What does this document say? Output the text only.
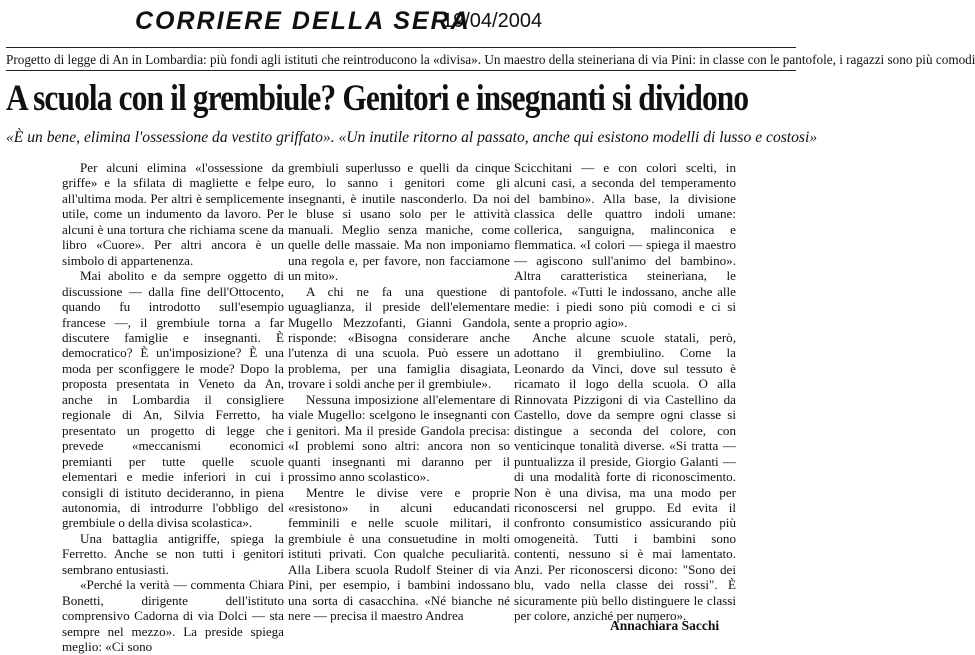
CORRIERE DELLA SERA
19/04/2004
Progetto di legge di An in Lombardia: più fondi agli istituti che reintroducono la «divisa». Un maestro della steineriana di via Pini: in classe con le pantofole, i ragazzi sono più comodi
A scuola con il grembiule? Genitori e insegnanti si dividono
«È un bene, elimina l'ossessione da vestito griffato». «Un inutile ritorno al passato, anche qui esistono modelli di lusso e costosi»

Per alcuni elimina «l'ossessione da griffe» e la sfilata di magliette e felpe all'ultima moda. Per altri è semplicemente utile, come un indumento da lavoro. Per alcuni è una tortura che richiama scene da libro «Cuore». Per altri ancora è un simbolo di appartenenza.

Mai abolito e da sempre oggetto di discussione — dalla fine dell'Ottocento, quando fu introdotto sull'esempio francese —, il grembiule torna a far discutere famiglie e insegnanti. È democratico? È un'imposizione? È una moda per sconfiggere le mode? Dopo la proposta presentata in Veneto da An, anche in Lombardia il consigliere regionale di An, Silvia Ferretto, ha presentato un progetto di legge che prevede «meccanismi economici premianti per tutte quelle scuole elementari e medie inferiori in cui i consigli di istituto decideranno, in piena autonomia, di introdurre l'obbligo del grembiule o della divisa scolastica».

Una battaglia antigriffe, spiega la Ferretto. Anche se non tutti i genitori sembrano entusiasti.

«Perché la verità — commenta Chiara Bonetti, dirigente dell'istituto comprensivo Cadorna di via Dolci — sta sempre nel mezzo». La preside spiega meglio: «Ci sono

grembiuli superlusso e quelli da cinque euro, lo sanno i genitori come gli insegnanti, è inutile nasconderlo. Da noi le bluse si usano solo per le attività manuali. Meglio senza maniche, come quelle delle massaie. Ma non imponiamo una regola e, per favore, non facciamone un mito».

A chi ne fa una questione di uguaglianza, il preside dell'elementare Mugello Mezzofanti, Gianni Gandola, risponde: «Bisogna considerare anche l'utenza di una scuola. Può essere un problema, per una famiglia disagiata, trovare i soldi anche per il grembiule».

Nessuna imposizione all'elementare di viale Mugello: scelgono le insegnanti con i genitori. Ma il preside Gandola precisa: «I problemi sono altri: ancora non so quanti insegnanti mi daranno per il prossimo anno scolastico».

Mentre le divise vere e proprie «resistono» in alcuni educandati femminili e nelle scuole militari, il grembiule è una consuetudine in molti istituti privati. Con qualche peculiarità. Alla Libera scuola Rudolf Steiner di via Pini, per esempio, i bambini indossano una sorta di casacchina. «Né bianche né nere — precisa il maestro Andrea

Scicchitani — e con colori scelti, in alcuni casi, a seconda del temperamento del bambino». Alla base, la divisione classica delle quattro indoli umane: collerica, sanguigna, malinconica e flemmatica. «I colori — spiega il maestro — agiscono sull'animo del bambino». Altra caratteristica steineriana, le pantofole. «Tutti le indossano, anche alle medie: i piedi sono più comodi e ci si sente a proprio agio».

Anche alcune scuole statali, però, adottano il grembiulino. Come la Leonardo da Vinci, dove sul tessuto è ricamato il logo della scuola. O alla Rinnovata Pizzigoni di via Castellino da Castello, dove da sempre ogni classe si distingue a seconda del colore, con venticinque tonalità diverse. «Si tratta — puntualizza il preside, Giorgio Galanti — di una modalità forte di riconoscimento. Non è una divisa, ma una modo per riconoscersi nel gruppo. Ed evita il confronto consumistico assicurando più omogeneità. Tutti i bambini sono contenti, nessuno si è mai lamentato. Anzi. Per riconoscersi dicono: "Sono dei blu, vado nella classe dei rossi". È sicuramente più bello distinguere le classi per colore, anziché per numero».

Annachiara Sacchi
